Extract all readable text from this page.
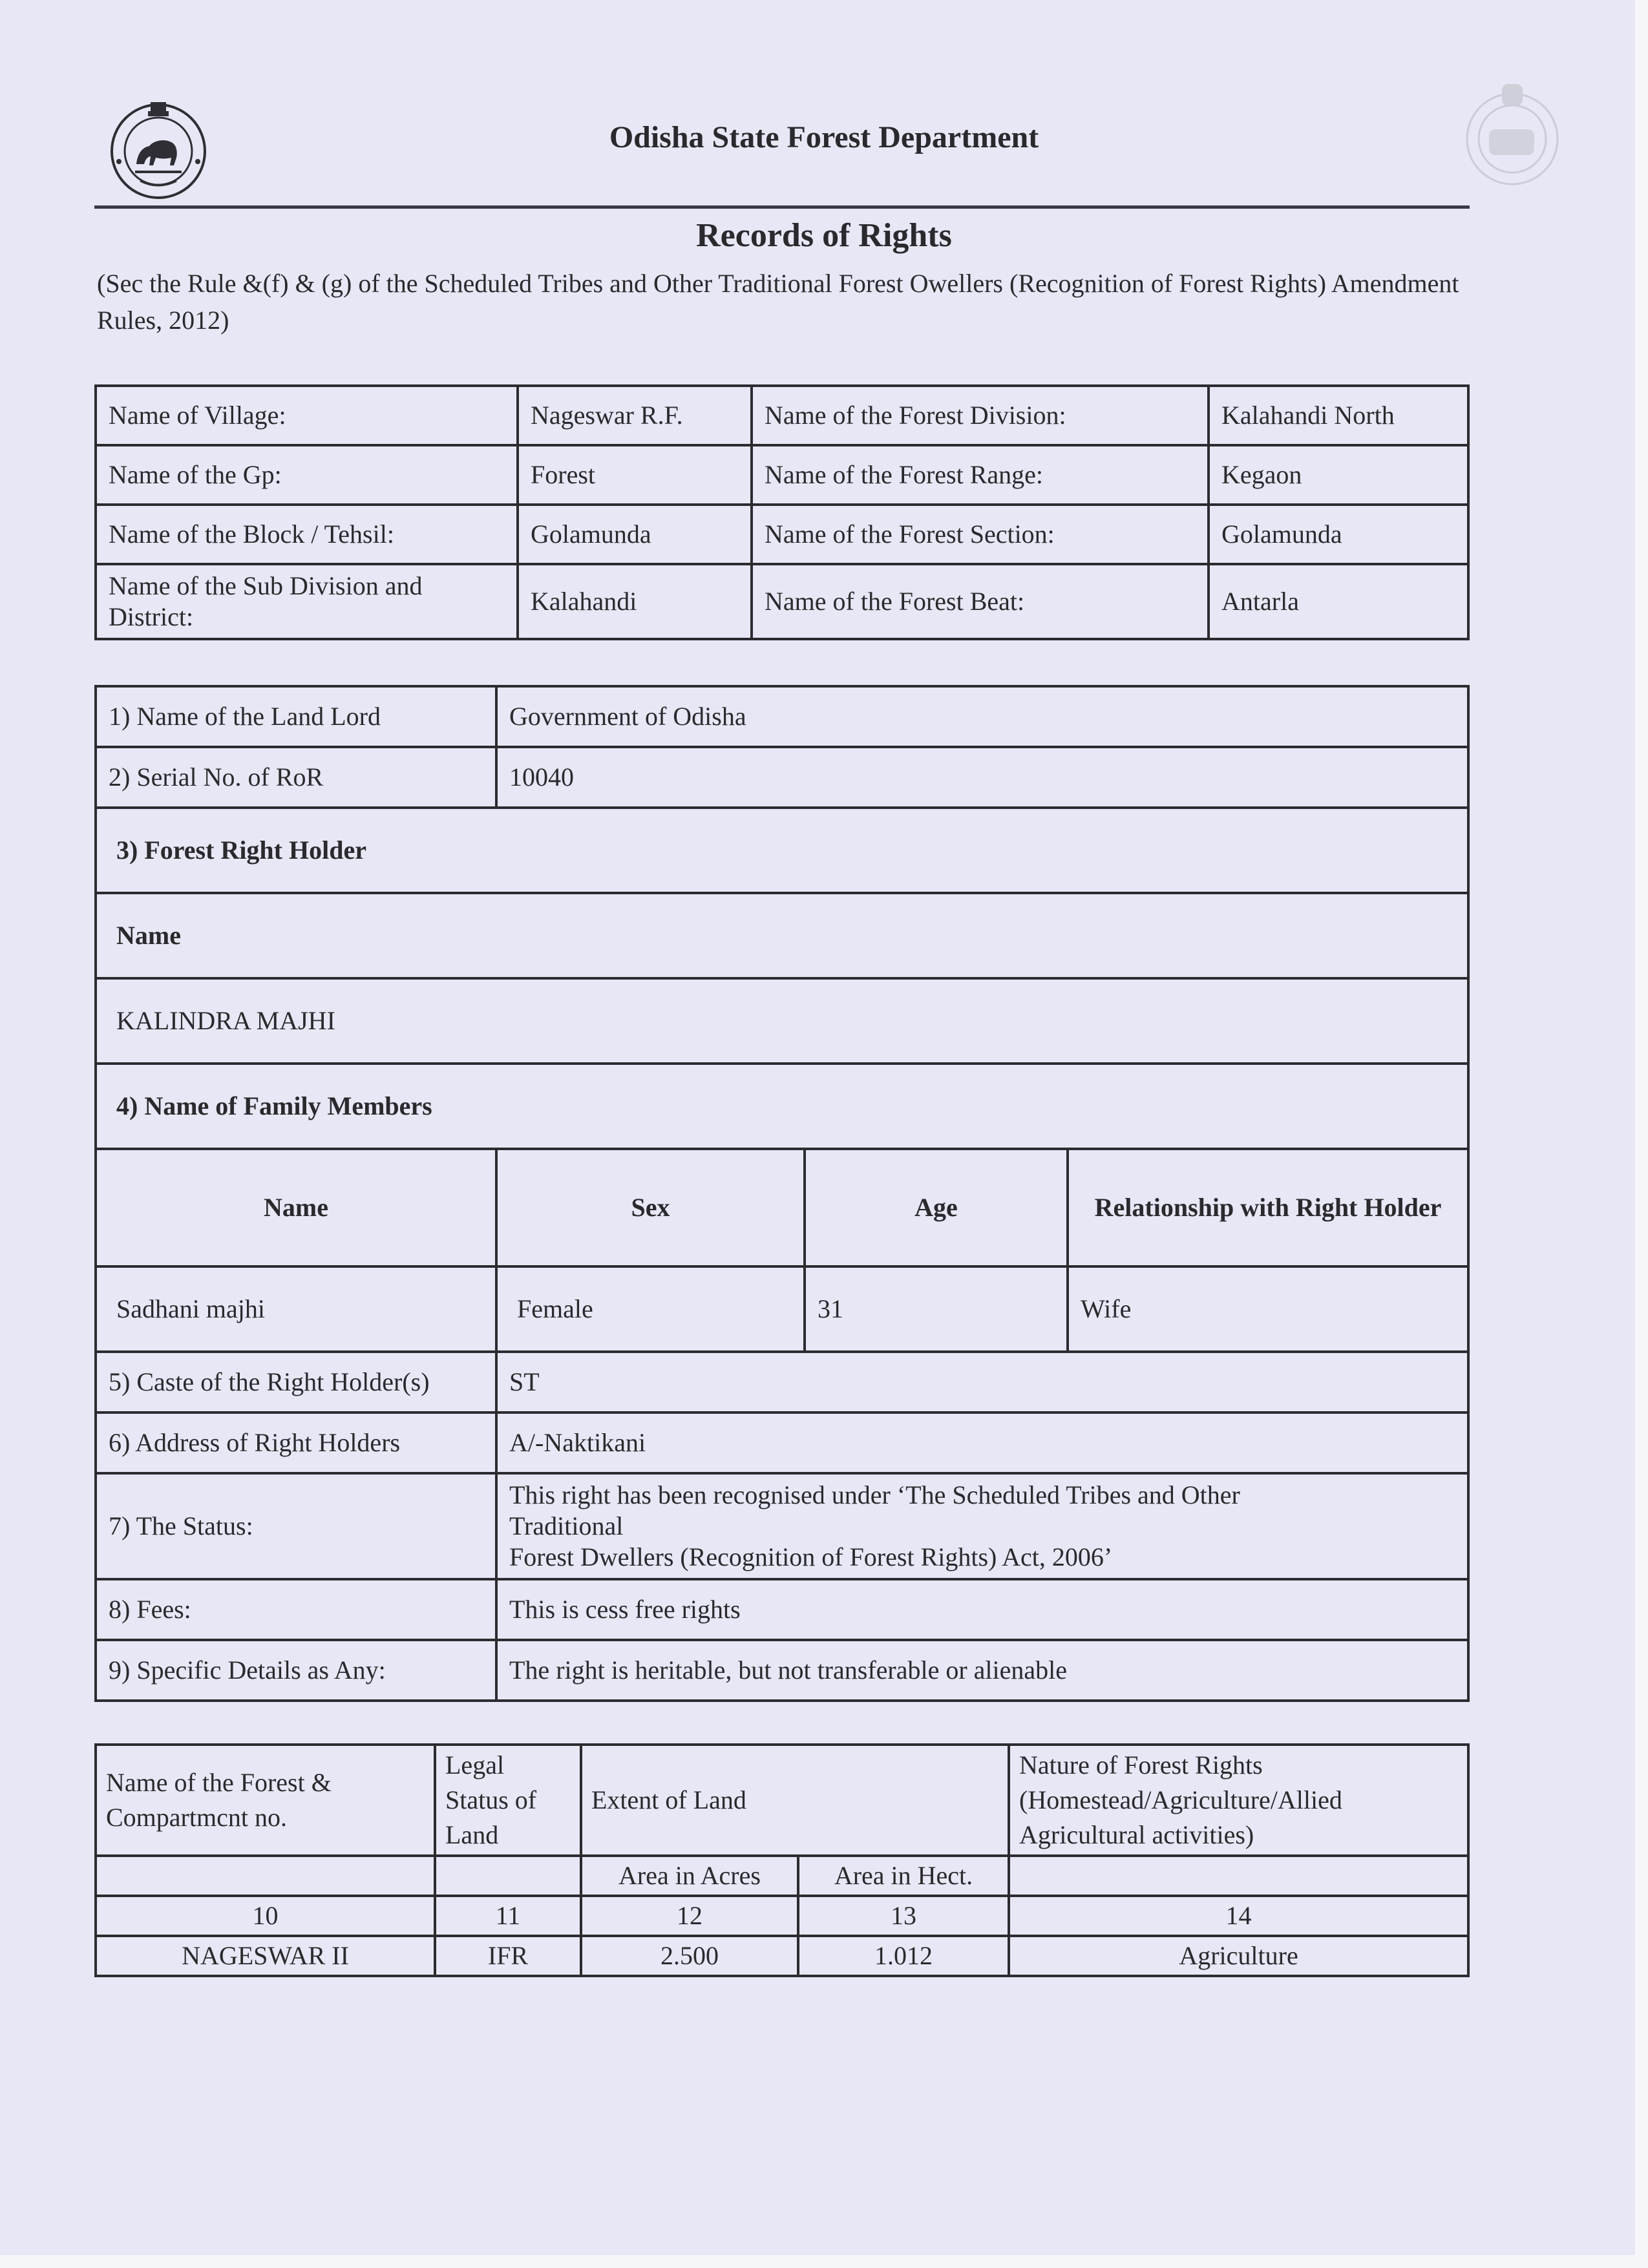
Odisha State Forest Department
Records of Rights
(Sec the Rule &(f) & (g) of the Scheduled Tribes and Other Traditional Forest Owellers (Recognition of Forest Rights) Amendment Rules, 2012)
Name of Village:	Nageswar R.F.	Name of the Forest Division:	Kalahandi North
Name of the Gp:	Forest	Name of the Forest Range:	Kegaon
Name of the Block / Tehsil:	Golamunda	Name of the Forest Section:	Golamunda
Name of the Sub Division and District:	Kalahandi	Name of the Forest Beat:	Antarla
1) Name of the Land Lord	Government of Odisha		
2) Serial No. of RoR	10040		
3) Forest Right Holder			
Name			
KALINDRA MAJHI			
4) Name of Family Members			
Name	Sex	Age	Relationship with Right Holder
Sadhani majhi	Female	31	Wife
5) Caste of the Right Holder(s)	ST		
6) Address of Right Holders	A/-Naktikani		
7) The Status:	This right has been recognised under ‘The Scheduled Tribes and Other
Traditional
Forest Dwellers (Recognition of Forest Rights) Act, 2006’		

8) Fees:	This is cess free rights		
9) Specific Details as Any:	The right is heritable, but not transferable or alienable		
Name of the Forest & Compartmcnt no.	Legal Status of Land	Extent of Land		Nature of Forest Rights (Homestead/Agriculture/Allied Agricultural activities)
		Area in Acres	Area in Hect.	
10	11	12	13	14
NAGESWAR II	IFR	2.500	1.012	Agriculture
